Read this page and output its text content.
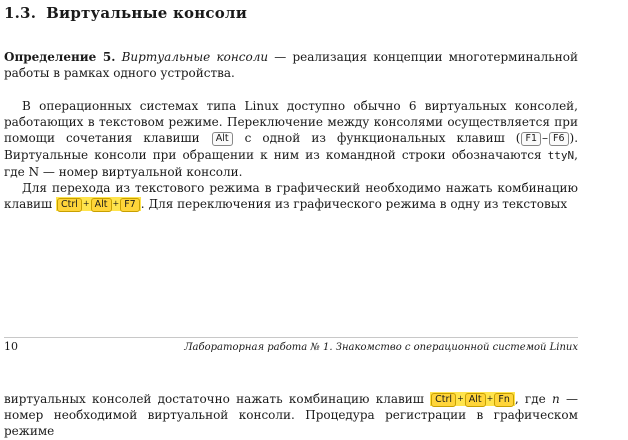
1.3. Виртуальные консоли

Определение 5. Виртуальные консоли — реализация концепции многотерминальной работы в рамках одного устройства.

В операционных системах типа Linux доступно обычно 6 виртуальных консолей, работающих в текстовом режиме. Переключение между консолями осуществляется при помощи сочетания клавиши Alt с одной из функциональных клавиш ( F1 – F6 ). Виртуальные консоли при обращении к ним из командной строки обозначаются ttyN, где N — номер виртуальной консоли.
Для перехода из текстового режима в графический необходимо нажать комбинацию клавиш Ctrl + Alt + F7 . Для переключения из графического режима в одну из текстовых

10	Лабораторная работа № 1. Знакомство с операционной системой Linux

виртуальных консолей достаточно нажать комбинацию клавиш Ctrl + Alt + Fn , где n — номер необходимой виртуальной консоли. Процедура регистрации в графическом режиме
